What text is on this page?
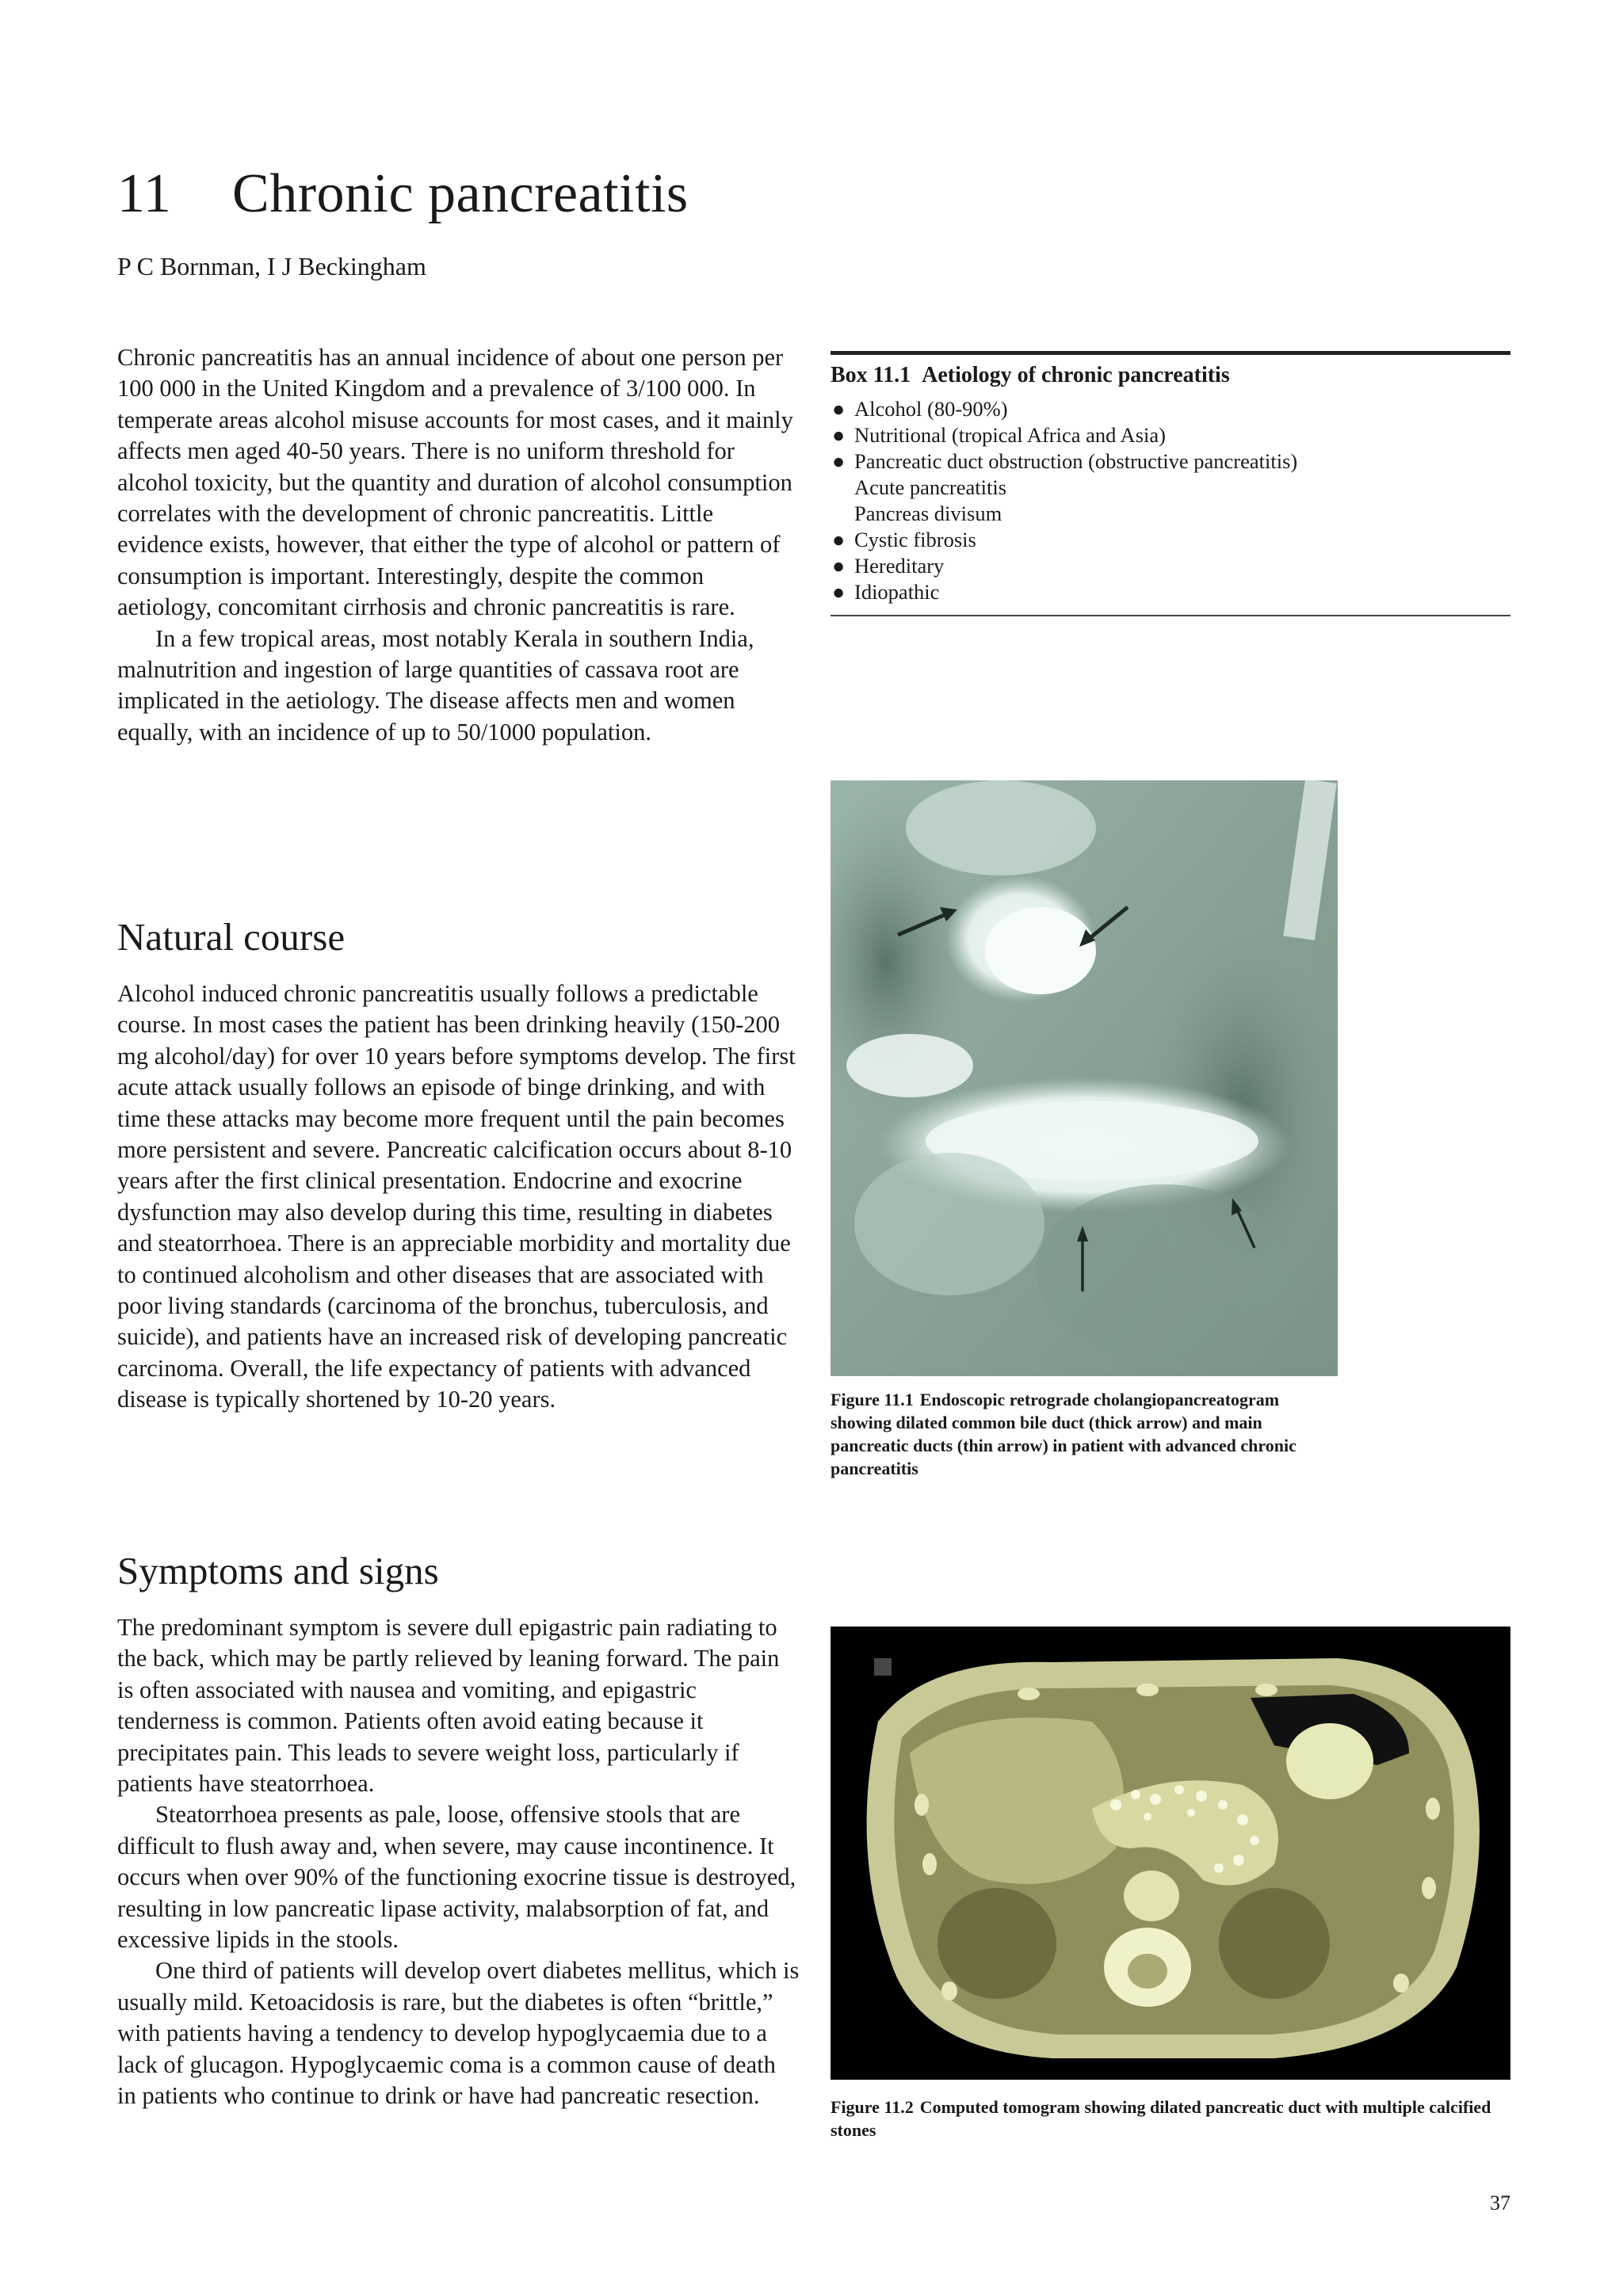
11 Chronic pancreatitis
P C Bornman, I J Beckingham

Chronic pancreatitis has an annual incidence of about one person per 100 000 in the United Kingdom and a prevalence of 3/100 000. In temperate areas alcohol misuse accounts for most cases, and it mainly affects men aged 40-50 years. There is no uniform threshold for alcohol toxicity, but the quantity and duration of alcohol consumption correlates with the development of chronic pancreatitis. Little evidence exists, however, that either the type of alcohol or pattern of consumption is important. Interestingly, despite the common aetiology, concomitant cirrhosis and chronic pancreatitis is rare.

In a few tropical areas, most notably Kerala in southern India, malnutrition and ingestion of large quantities of cassava root are implicated in the aetiology. The disease affects men and women equally, with an incidence of up to 50/1000 population.

Natural course

Alcohol induced chronic pancreatitis usually follows a predictable course. In most cases the patient has been drinking heavily (150-200 mg alcohol/day) for over 10 years before symptoms develop. The first acute attack usually follows an episode of binge drinking, and with time these attacks may become more frequent until the pain becomes more persistent and severe. Pancreatic calcification occurs about 8-10 years after the first clinical presentation. Endocrine and exocrine dysfunction may also develop during this time, resulting in diabetes and steatorrhoea. There is an appreciable morbidity and mortality due to continued alcoholism and other diseases that are associated with poor living standards (carcinoma of the bronchus, tuberculosis, and suicide), and patients have an increased risk of developing pancreatic carcinoma. Overall, the life expectancy of patients with advanced disease is typically shortened by 10-20 years.

Symptoms and signs

The predominant symptom is severe dull epigastric pain radiating to the back, which may be partly relieved by leaning forward. The pain is often associated with nausea and vomiting, and epigastric tenderness is common. Patients often avoid eating because it precipitates pain. This leads to severe weight loss, particularly if patients have steatorrhoea.

Steatorrhoea presents as pale, loose, offensive stools that are difficult to flush away and, when severe, may cause incontinence. It occurs when over 90% of the functioning exocrine tissue is destroyed, resulting in low pancreatic lipase activity, malabsorption of fat, and excessive lipids in the stools.

One third of patients will develop overt diabetes mellitus, which is usually mild. Ketoacidosis is rare, but the diabetes is often “brittle,” with patients having a tendency to develop hypoglycaemia due to a lack of glucagon. Hypoglycaemic coma is a common cause of death in patients who continue to drink or have had pancreatic resection.

Box 11.1 Aetiology of chronic pancreatitis
● Alcohol (80-90%)
● Nutritional (tropical Africa and Asia)
● Pancreatic duct obstruction (obstructive pancreatitis)
Acute pancreatitis
Pancreas divisum
● Cystic fibrosis
● Hereditary
● Idiopathic
Figure 11.1 Endoscopic retrograde cholangiopancreatogram showing dilated common bile duct (thick arrow) and main pancreatic ducts (thin arrow) in patient with advanced chronic pancreatitis
Figure 11.2 Computed tomogram showing dilated pancreatic duct with multiple calcified stones
37
